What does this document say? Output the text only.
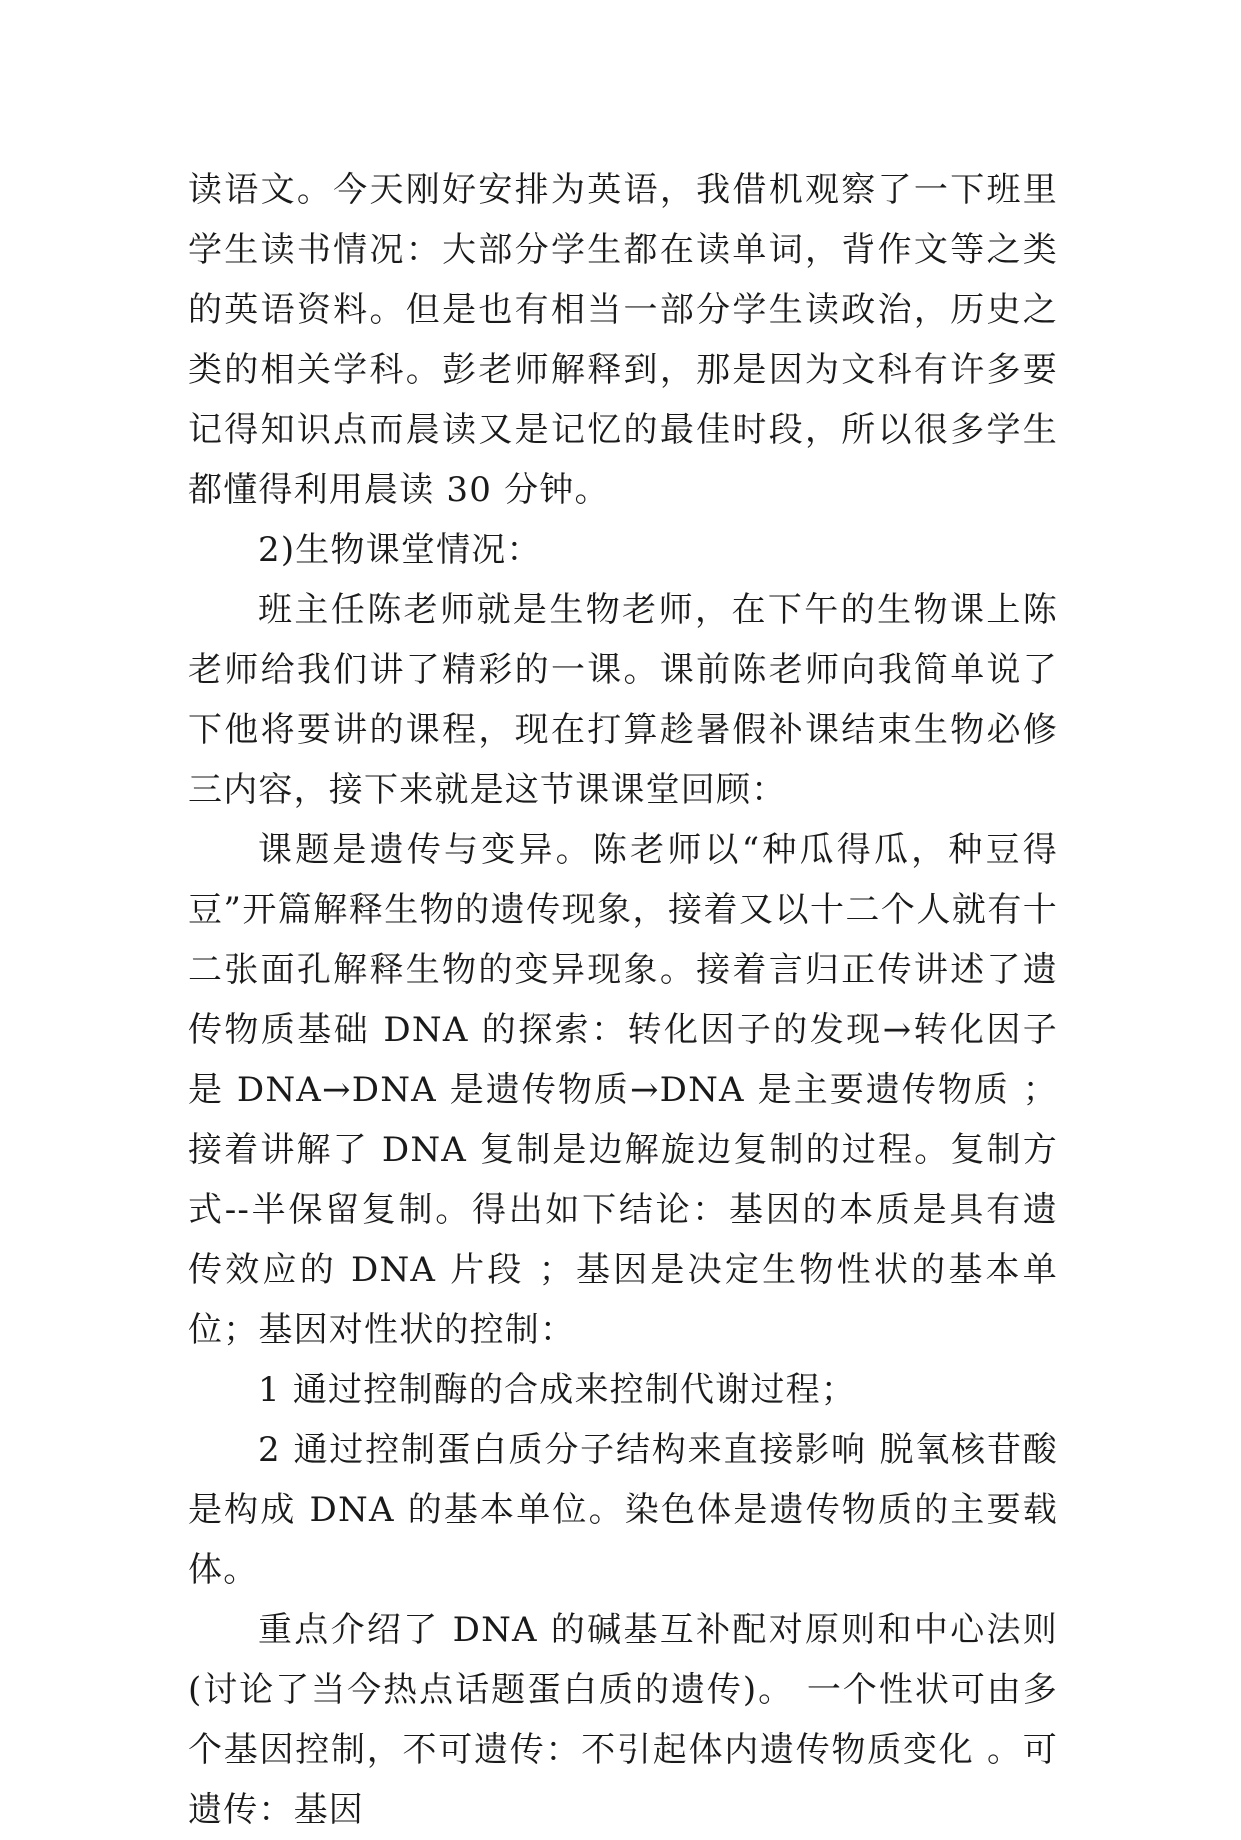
读语文。今天刚好安排为英语，我借机观察了一下班里学生读书情况：大部分学生都在读单词，背作文等之类的英语资料。但是也有相当一部分学生读政治，历史之类的相关学科。彭老师解释到，那是因为文科有许多要记得知识点而晨读又是记忆的最佳时段，所以很多学生都懂得利用晨读 30 分钟。

2)生物课堂情况：

班主任陈老师就是生物老师，在下午的生物课上陈老师给我们讲了精彩的一课。课前陈老师向我简单说了下他将要讲的课程，现在打算趁暑假补课结束生物必修三内容，接下来就是这节课课堂回顾：

课题是遗传与变异。陈老师以“种瓜得瓜，种豆得豆”开篇解释生物的遗传现象，接着又以十二个人就有十二张面孔解释生物的变异现象。接着言归正传讲述了遗传物质基础 DNA 的探索：转化因子的发现→转化因子是 DNA→DNA 是遗传物质→DNA 是主要遗传物质 ；接着讲解了 DNA 复制是边解旋边复制的过程。复制方式--半保留复制。得出如下结论：基因的本质是具有遗传效应的 DNA 片段 ；基因是决定生物性状的基本单位；基因对性状的控制：

1 通过控制酶的合成来控制代谢过程；

2 通过控制蛋白质分子结构来直接影响 脱氧核苷酸是构成 DNA 的基本单位。染色体是遗传物质的主要载体。

重点介绍了 DNA 的碱基互补配对原则和中心法则(讨论了当今热点话题蛋白质的遗传)。 一个性状可由多个基因控制，不可遗传：不引起体内遗传物质变化 。可遗传：基因
